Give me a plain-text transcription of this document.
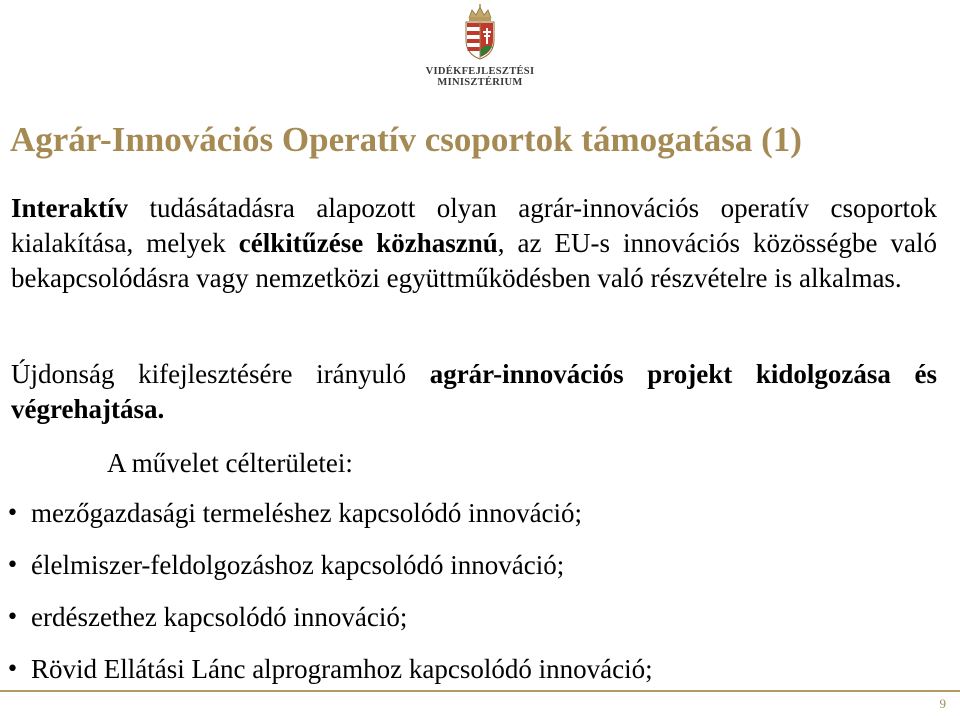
VIDÉKFEJLESZTÉSI
MINISZTÉRIUM
Agrár-Innovációs Operatív csoportok támogatása (1)
Interaktív tudásátadásra alapozott olyan agrár-innovációs operatív csoportok kialakítása, melyek célkitűzése közhasznú, az EU-s innovációs közösségbe való bekapcsolódásra vagy nemzetközi együttműködésben való részvételre is alkalmas.
Újdonság kifejlesztésére irányuló agrár-innovációs projekt kidolgozása és végrehajtása.
A művelet célterületei:
• mezőgazdasági termeléshez kapcsolódó innováció;
• élelmiszer-feldolgozáshoz kapcsolódó innováció;
• erdészethez kapcsolódó innováció;
• Rövid Ellátási Lánc alprogramhoz kapcsolódó innováció;
9
